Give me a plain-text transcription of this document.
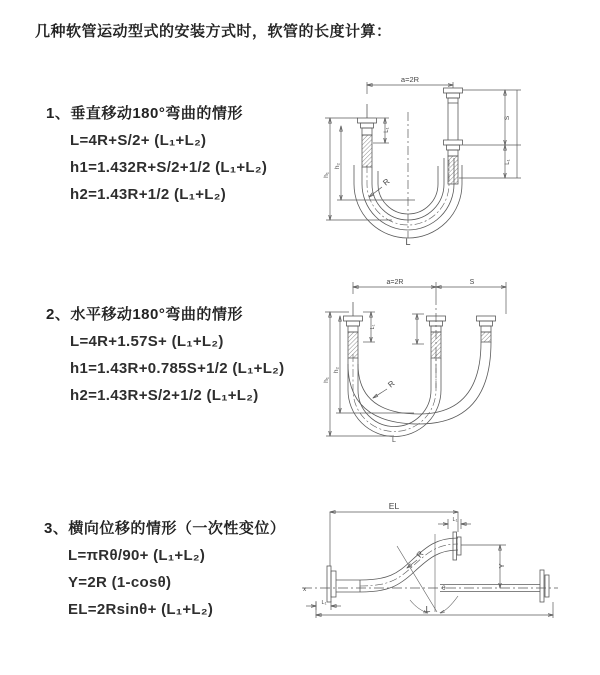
几种软管运动型式的安装方式时，软管的长度计算：
1、垂直移动180°弯曲的情形
L=4R+S/2+ (L₁+L₂)
h1=1.432R+S/2+1/2 (L₁+L₂)
h2=1.43R+1/2 (L₁+L₂)
2、水平移动180°弯曲的情形
L=4R+1.57S+ (L₁+L₂)
h1=1.43R+0.785S+1/2 (L₁+L₂)
h2=1.43R+S/2+1/2 (L₁+L₂)
3、横向位移的情形（一次性变位）
L=πRθ/90+ (L₁+L₂)
Y=2R (1-cosθ)
EL=2Rsinθ+ (L₁+L₂)
a=2R
h₁
h₂
L₁
S
L₁
R
L
a=2R	S
h₁
h₂
L₁
R
L
x	θ
R
EL
L₁
Y
L₁
L
